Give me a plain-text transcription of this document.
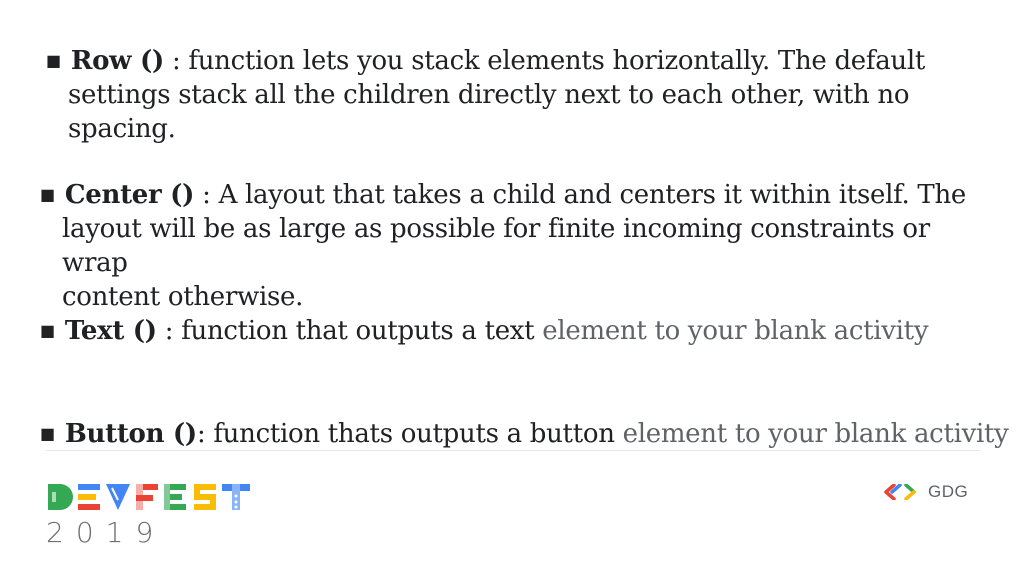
■ Row () : function lets you stack elements horizontally. The default
settings stack all the children directly next to each other, with no spacing.
■ Center () : A layout that takes a child and centers it within itself. The
layout will be as large as possible for finite incoming constraints or wrap
content otherwise.
■ Text () : function that outputs a text element to your blank activity
■ Button (): function thats outputs a button element to your blank activity
2019
GDG
